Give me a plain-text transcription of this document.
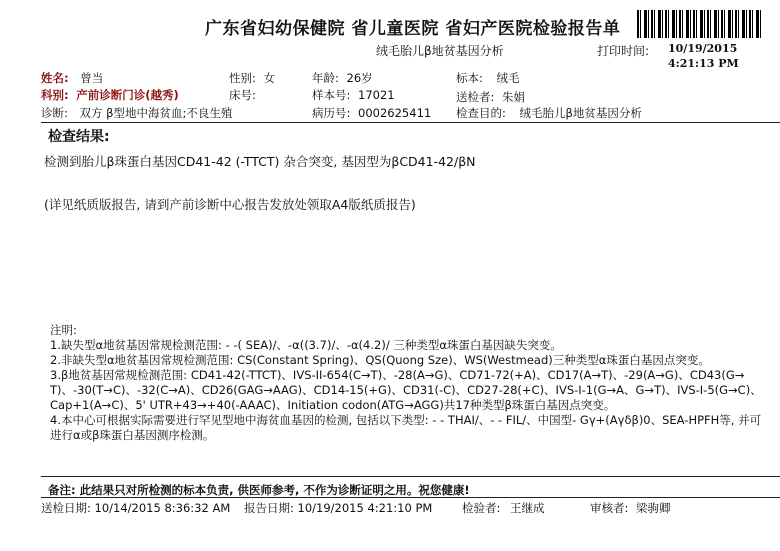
广东省妇幼保健院 省儿童医院 省妇产医院检验报告单
绒毛胎儿β地贫基因分析	打印时间: 10/19/2015 4:21:13 PM
姓名: 曾当	性别: 女	年龄: 26岁	标本: 绒毛
科别: 产前诊断门诊(越秀)	床号:	样本号: 17021	送检者: 朱娟
诊断: 双方 β型地中海贫血;不良生殖	病历号: 0002625411 检查目的: 绒毛胎儿β地贫基因分析
检查结果:
检测到胎儿β珠蛋白基因CD41-42 (-TTCT) 杂合突变, 基因型为βCD41-42/βN
(详见纸质版报告, 请到产前诊断中心报告发放处领取A4版纸质报告)
注明:
1.缺失型α地贫基因常规检测范围: - -( SEA)/、-α((3.7)/、-α(4.2)/ 三种类型α珠蛋白基因缺失突变。
2.非缺失型α地贫基因常规检测范围: CS(Constant Spring)、QS(Quong Sze)、WS(Westmead)三种类型α珠蛋白基因点突变。
3.β地贫基因常规检测范围: CD41-42(-TTCT)、IVS-II-654(C→T)、-28(A→G)、CD71-72(+A)、CD17(A→T)、-29(A→G)、CD43(G→T)、-30(T→C)、-32(C→A)、CD26(GAG→AAG)、CD14-15(+G)、CD31(-C)、CD27-28(+C)、IVS-I-1(G→A、G→T)、IVS-I-5(G→C)、Cap+1(A→C)、5' UTR+43→+40(-AAAC)、Initiation codon(ATG→AGG)共17种类型β珠蛋白基因点突变。
4.本中心可根据实际需要进行罕见型地中海贫血基因的检测, 包括以下类型: - - THAI/、- - FIL/、中国型- Gγ+(Aγδβ)0、SEA-HPFH等, 并可进行α或β珠蛋白基因测序检测。
备注: 此结果只对所检测的标本负责, 供医师参考, 不作为诊断证明之用。祝您健康!
送检日期: 10/14/2015 8:36:32 AM	报告日期: 10/19/2015 4:21:10 PM	检验者: 王继成	审核者: 梁驹卿
